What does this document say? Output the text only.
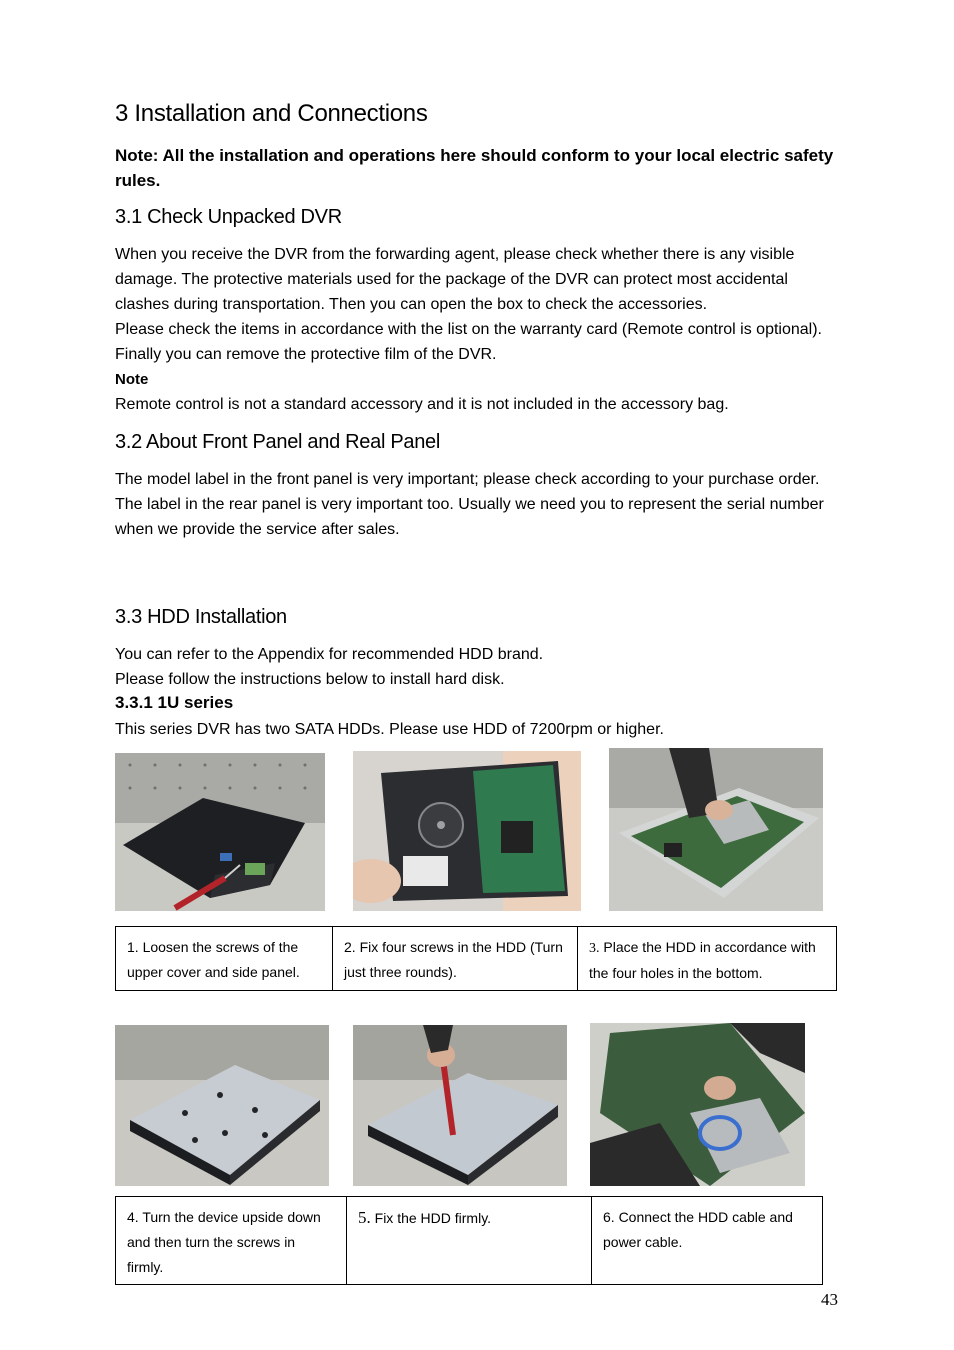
3 Installation and Connections
Note: All the installation and operations here should conform to your local electric safety rules.
3.1 Check Unpacked DVR

When you receive the DVR from the forwarding agent, please check whether there is any visible damage. The protective materials used for the package of the DVR can protect most accidental clashes during transportation. Then you can open the box to check the accessories.

Please check the items in accordance with the list on the warranty card (Remote control is optional). Finally you can remove the protective film of the DVR.

Note

Remote control is not a standard accessory and it is not included in the accessory bag.

3.2 About Front Panel and Real Panel

The model label in the front panel is very important; please check according to your purchase order.

The label in the rear panel is very important too. Usually we need you to represent the serial number when we provide the service after sales.

3.3 HDD Installation

You can refer to the Appendix for recommended HDD brand.

Please follow the instructions below to install hard disk.

3.3.1 1U series
This series DVR has two SATA HDDs. Please use HDD of 7200rpm or higher.
1. Loosen the screws of the upper cover and side panel.	2. Fix four screws in the HDD (Turn just three rounds).	3. Place the HDD in accordance with the four holes in the bottom.
4. Turn the device upside down and then turn the screws in firmly.	5. Fix the HDD firmly.	6. Connect the HDD cable and power cable.
43
